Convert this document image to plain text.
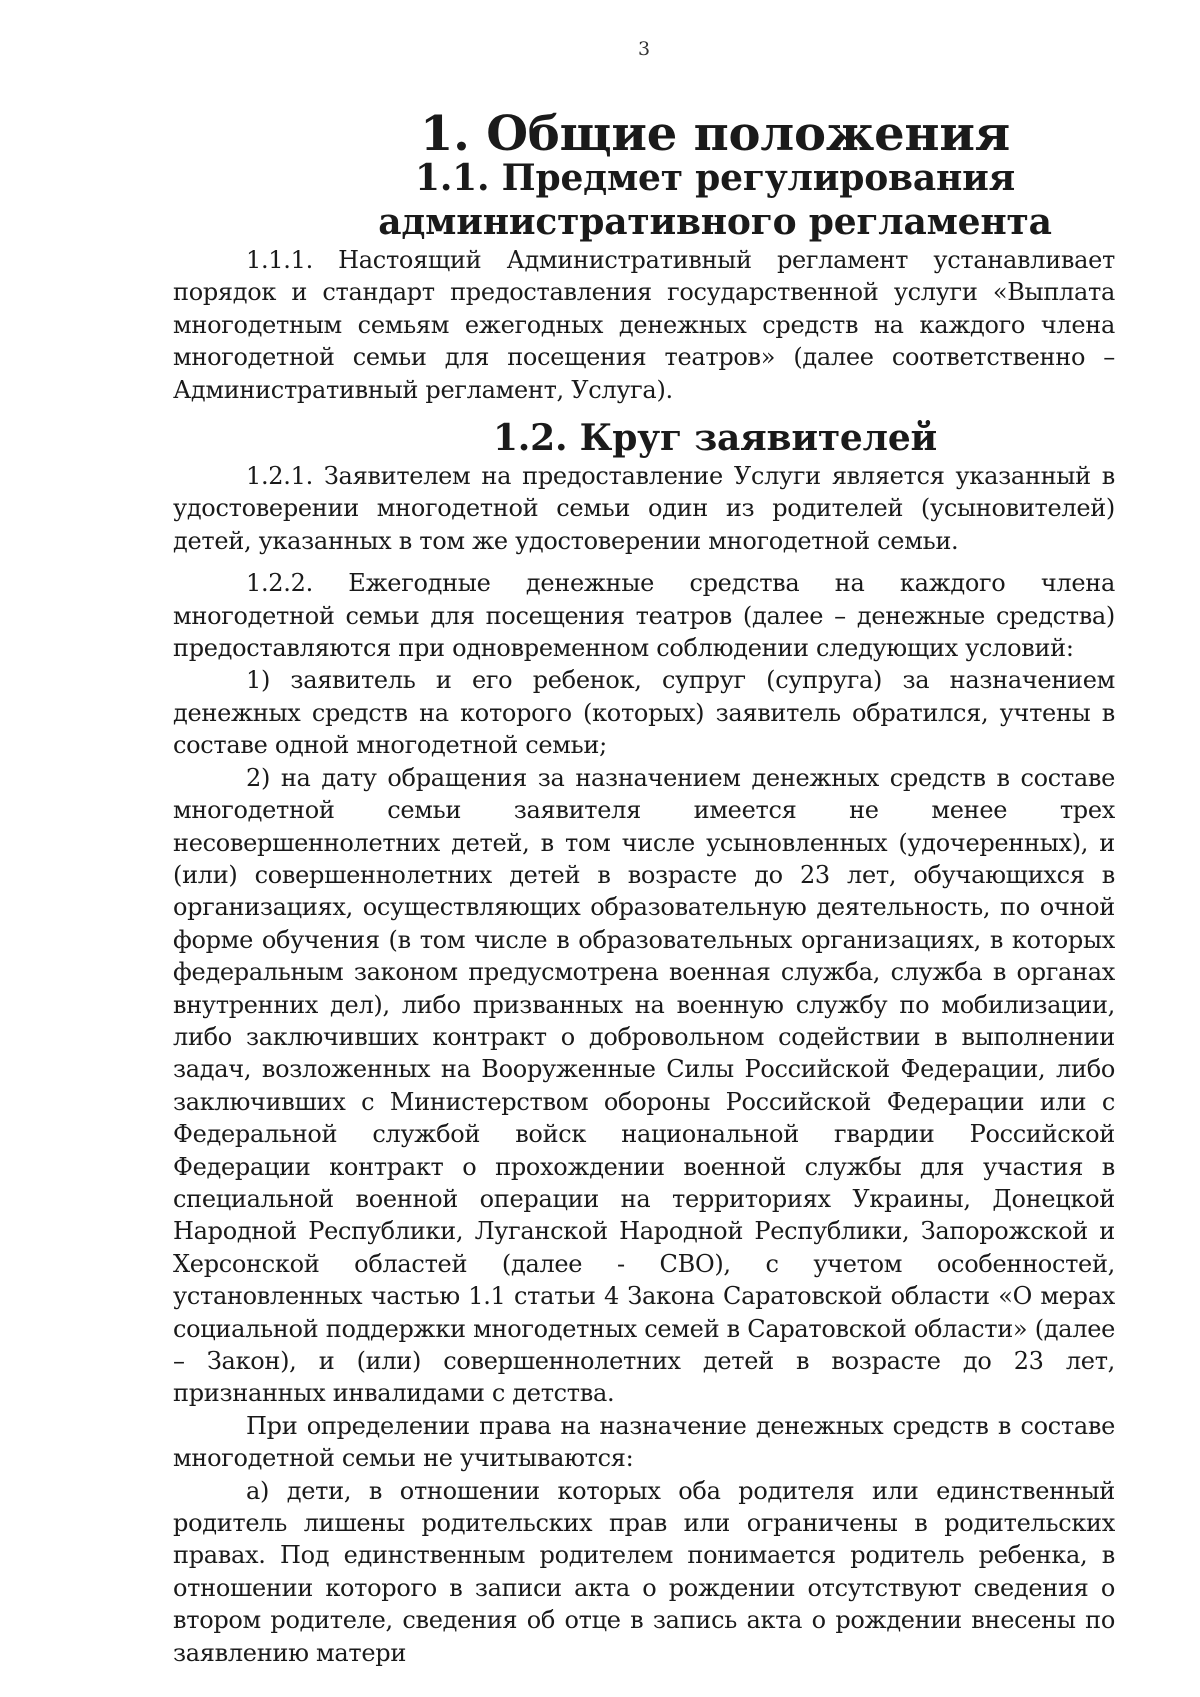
3
1. Общие положения
1.1. Предмет регулирования административного регламента

1.1.1. Настоящий Административный регламент устанавливает порядок и стандарт предоставления государственной услуги «Выплата многодетным семьям ежегодных денежных средств на каждого члена многодетной семьи для посещения театров» (далее соответственно – Административный регламент, Услуга).

1.2. Круг заявителей

1.2.1. Заявителем на предоставление Услуги является указанный в удостоверении многодетной семьи один из родителей (усыновителей) детей, указанных в том же удостоверении многодетной семьи.

1.2.2. Ежегодные денежные средства на каждого члена многодетной семьи для посещения театров (далее – денежные средства) предоставляются при одновременном соблюдении следующих условий:

1) заявитель и его ребенок, супруг (супруга) за назначением денежных средств на которого (которых) заявитель обратился, учтены в составе одной многодетной семьи;

2) на дату обращения за назначением денежных средств в составе многодетной семьи заявителя имеется не менее трех несовершеннолетних детей, в том числе усыновленных (удочеренных), и (или) совершеннолетних детей в возрасте до 23 лет, обучающихся в организациях, осуществляющих образовательную деятельность, по очной форме обучения (в том числе в образовательных организациях, в которых федеральным законом предусмотрена военная служба, служба в органах внутренних дел), либо призванных на военную службу по мобилизации, либо заключивших контракт о добровольном содействии в выполнении задач, возложенных на Вооруженные Силы Российской Федерации, либо заключивших с Министерством обороны Российской Федерации или с Федеральной службой войск национальной гвардии Российской Федерации контракт о прохождении военной службы для участия в специальной военной операции на территориях Украины, Донецкой Народной Республики, Луганской Народной Республики, Запорожской и Херсонской областей (далее - СВО), с учетом особенностей, установленных частью 1.1 статьи 4 Закона Саратовской области «О мерах социальной поддержки многодетных семей в Саратовской области» (далее – Закон), и (или) совершеннолетних детей в возрасте до 23 лет, признанных инвалидами с детства.

При определении права на назначение денежных средств в составе многодетной семьи не учитываются:

а) дети, в отношении которых оба родителя или единственный родитель лишены родительских прав или ограничены в родительских правах. Под единственным родителем понимается родитель ребенка, в отношении которого в записи акта о рождении отсутствуют сведения о втором родителе, сведения об отце в запись акта о рождении внесены по заявлению матери
